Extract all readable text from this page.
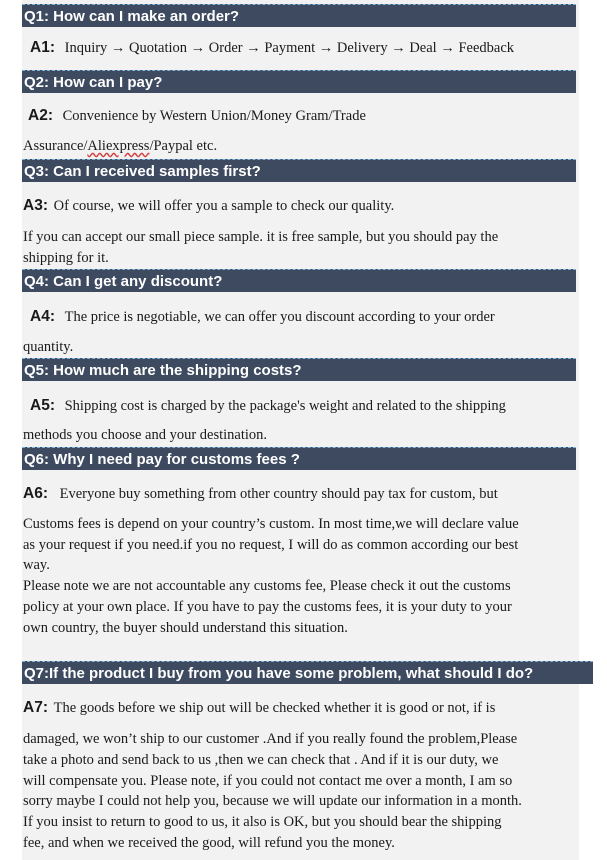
Q1: How can I make an order?
A1: Inquiry → Quotation → Order → Payment → Delivery → Deal → Feedback
Q2: How can I pay?
A2: Convenience by Western Union/Money Gram/Trade
Assurance/Aliexpress/Paypal etc.
Q3: Can I received samples first?
A3: Of course, we will offer you a sample to check our quality.
If you can accept our small piece sample. it is free sample, but you should pay the
shipping for it.
Q4: Can I get any discount?
A4: The price is negotiable, we can offer you discount according to your order
quantity.
Q5: How much are the shipping costs?
A5: Shipping cost is charged by the package's weight and related to the shipping
methods you choose and your destination.
Q6: Why I need pay for customs fees ?
A6: Everyone buy something from other country should pay tax for custom, but
Customs fees is depend on your country’s custom. In most time,we will declare value
as your request if you need.if you no request, I will do as common according our best
way.
Please note we are not accountable any customs fee, Please check it out the customs
policy at your own place. If you have to pay the customs fees, it is your duty to your
own country, the buyer should understand this situation.
Q7:If the product I buy from you have some problem, what should I do?
A7: The goods before we ship out will be checked whether it is good or not, if is
damaged, we won’t ship to our customer .And if you really found the problem,Please
take a photo and send back to us ,then we can check that . And if it is our duty, we
will compensate you. Please note, if you could not contact me over a month, I am so
sorry maybe I could not help you, because we will update our information in a month.
If you insist to return to good to us, it also is OK, but you should bear the shipping
fee, and when we received the good, will refund you the money.
